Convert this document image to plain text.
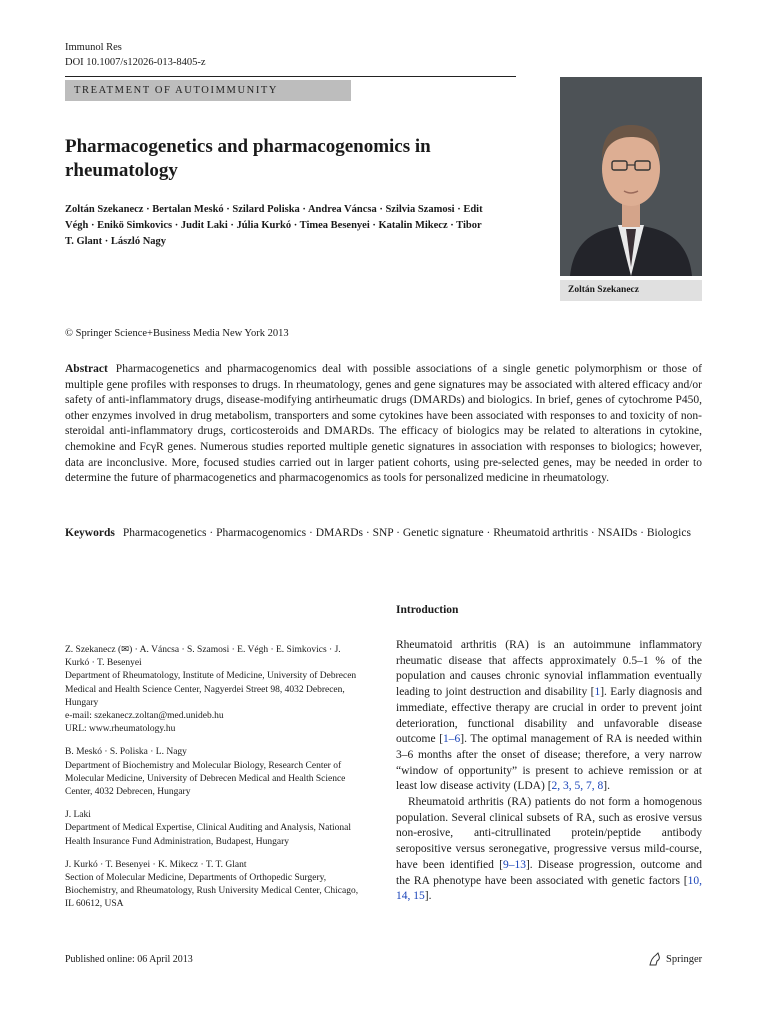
Immunol Res
DOI 10.1007/s12026-013-8405-z
TREATMENT OF AUTOIMMUNITY
Zoltán Szekanecz
Pharmacogenetics and pharmacogenomics in rheumatology
Zoltán Szekanecz · Bertalan Meskó · Szilard Poliska · Andrea Váncsa · Szilvia Szamosi · Edit Végh · Enikö Simkovics · Judit Laki · Júlia Kurkó · Timea Besenyei · Katalin Mikecz · Tibor T. Glant · László Nagy
© Springer Science+Business Media New York 2013
Abstract Pharmacogenetics and pharmacogenomics deal with possible associations of a single genetic polymorphism or those of multiple gene profiles with responses to drugs. In rheumatology, genes and gene signatures may be associated with altered efficacy and/or safety of anti-inflammatory drugs, disease-modifying antirheumatic drugs (DMARDs) and biologics. In brief, genes of cytochrome P450, other enzymes involved in drug metabolism, transporters and some cytokines have been associated with responses to and toxicity of non-steroidal anti-inflammatory drugs, corticosteroids and DMARDs. The efficacy of biologics may be related to alterations in cytokine, chemokine and FcγR genes. Numerous studies reported multiple genetic signatures in association with responses to biologics; however, data are inconclusive. More, focused studies carried out in larger patient cohorts, using pre-selected genes, may be needed in order to determine the future of pharmacogenetics and pharmacogenomics as tools for personalized medicine in rheumatology.
Keywords Pharmacogenetics · Pharmacogenomics · DMARDs · SNP · Genetic signature · Rheumatoid arthritis · NSAIDs · Biologics
Z. Szekanecz (✉) · A. Váncsa · S. Szamosi · E. Végh · E. Simkovics · J. Kurkó · T. Besenyei
Department of Rheumatology, Institute of Medicine, University of Debrecen Medical and Health Science Center, Nagyerdei Street 98, 4032 Debrecen, Hungary
e-mail: szekanecz.zoltan@med.unideb.hu
URL: www.rheumatology.hu
B. Meskó · S. Poliska · L. Nagy
Department of Biochemistry and Molecular Biology, Research Center of Molecular Medicine, University of Debrecen Medical and Health Science Center, 4032 Debrecen, Hungary
J. Laki
Department of Medical Expertise, Clinical Auditing and Analysis, National Health Insurance Fund Administration, Budapest, Hungary
J. Kurkó · T. Besenyei · K. Mikecz · T. T. Glant
Section of Molecular Medicine, Departments of Orthopedic Surgery, Biochemistry, and Rheumatology, Rush University Medical Center, Chicago, IL 60612, USA
Introduction

Rheumatoid arthritis (RA) is an autoimmune inflammatory rheumatic disease that affects approximately 0.5–1 % of the population and causes chronic synovial inflammation eventually leading to joint destruction and disability [1]. Early diagnosis and immediate, effective therapy are crucial in order to prevent joint deterioration, functional disability and unfavorable disease outcome [1–6]. The optimal management of RA is needed within 3–6 months after the onset of disease; therefore, a very narrow “window of opportunity” is present to achieve remission or at least low disease activity (LDA) [2, 3, 5, 7, 8].

Rheumatoid arthritis (RA) patients do not form a homogenous population. Several clinical subsets of RA, such as erosive versus non-erosive, anti-citrullinated protein/peptide antibody seropositive versus seronegative, progressive versus mild-course, have been identified [9–13]. Disease progression, outcome and the RA phenotype have been associated with genetic factors [10, 14, 15].

Published online: 06 April 2013	Springer
